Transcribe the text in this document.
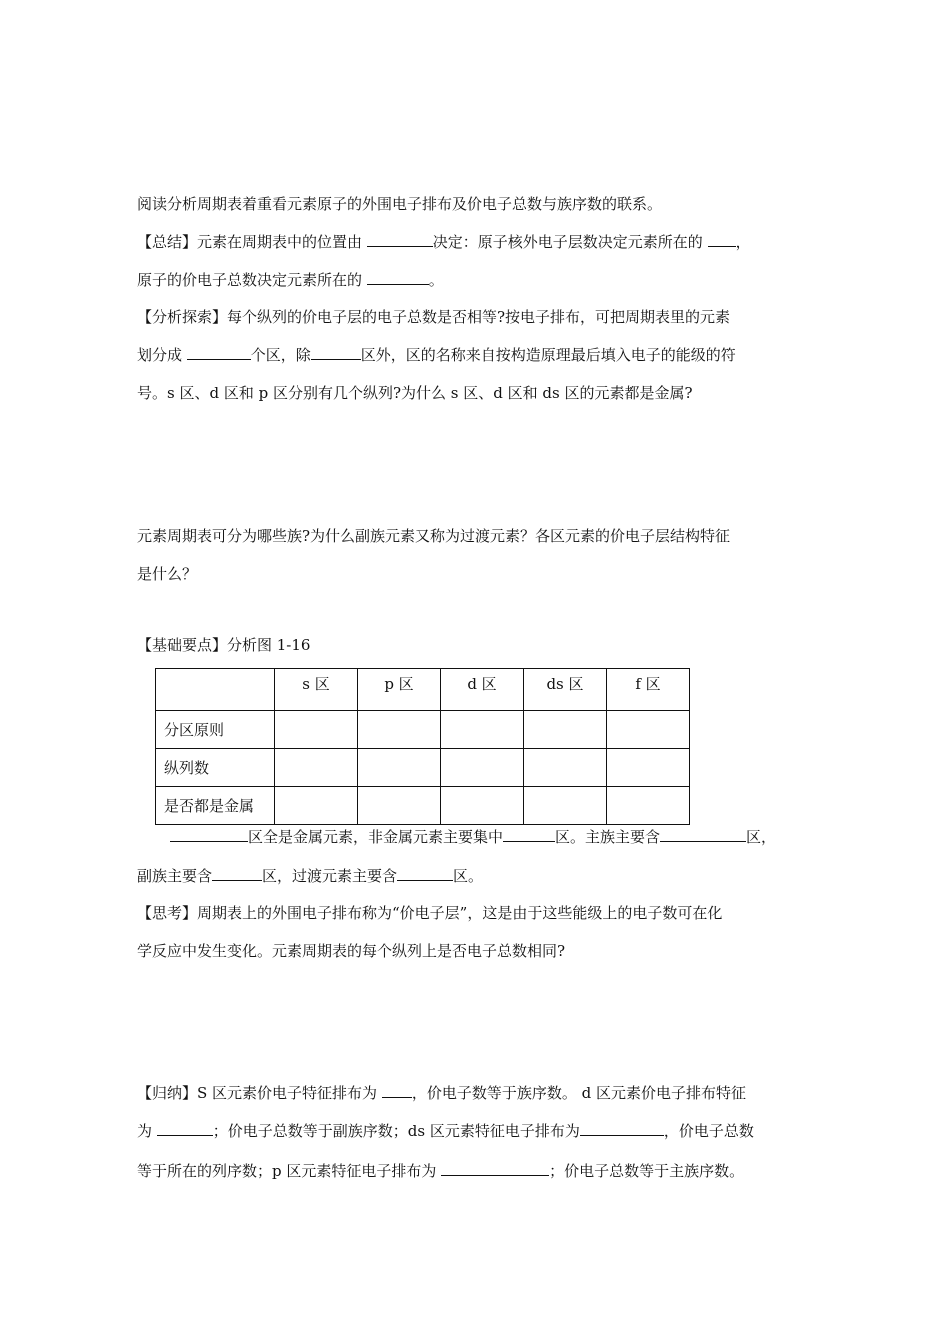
阅读分析周期表着重看元素原子的外围电子排布及价电子总数与族序数的联系。
【总结】元素在周期表中的位置由	决定：原子核外电子层数决定元素所在的 ，
原子的价电子总数决定元素所在的	。
【分析探索】每个纵列的价电子层的电子总数是否相等?按电子排布，可把周期表里的元素
划分成	个区，除	区外，区的名称来自按构造原理最后填入电子的能级的符
号。s 区、d 区和 p 区分别有几个纵列?为什么 s 区、d 区和 ds 区的元素都是金属?
元素周期表可分为哪些族?为什么副族元素又称为过渡元素？各区元素的价电子层结构特征
是什么？
【基础要点】分析图 1-16
	s 区	p 区	d 区	ds 区	f 区
分区原则					
纵列数					
是否都是金属					
区全是金属元素，非金属元素主要集中	区。主族主要含	区，
副族主要含	区，过渡元素主要含	区。
【思考】周期表上的外围电子排布称为“价电子层”，这是由于这些能级上的电子数可在化
学反应中发生变化。元素周期表的每个纵列上是否电子总数相同?
【归纳】S 区元素价电子特征排布为 ，价电子数等于族序数。 d 区元素价电子排布特征
为	；价电子总数等于副族序数；ds 区元素特征电子排布为	，价电子总数
等于所在的列序数；p 区元素特征电子排布为	；价电子总数等于主族序数。
